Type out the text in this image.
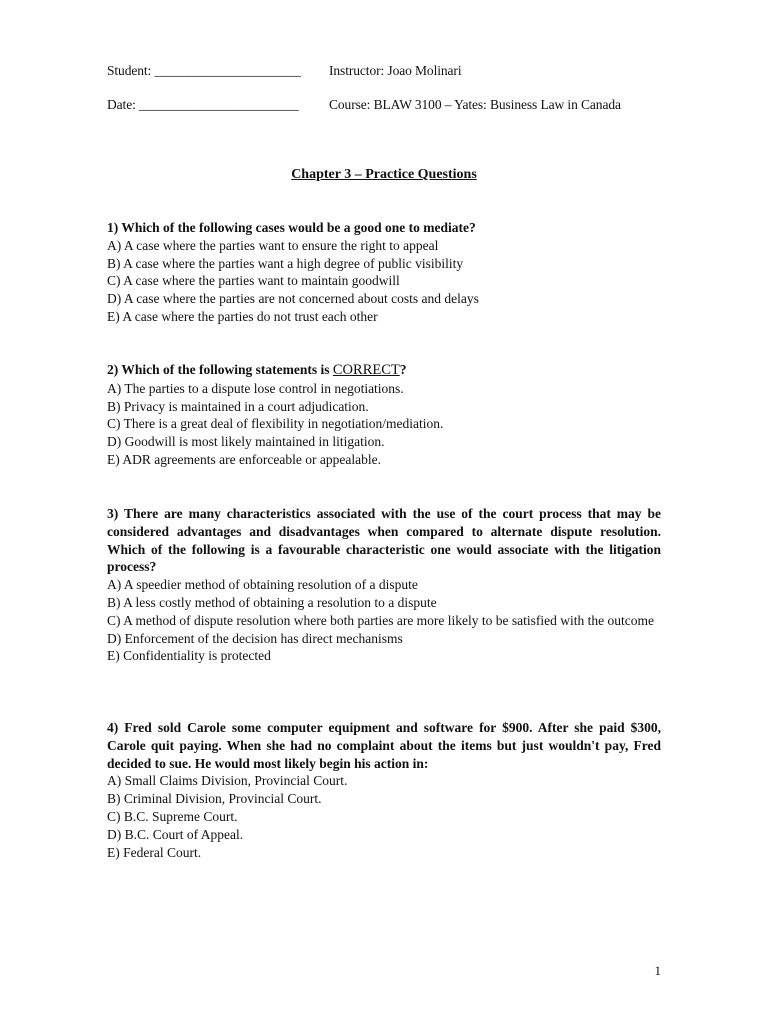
Student: ______________________ Instructor: Joao Molinari
Date: ________________________ Course: BLAW 3100 – Yates: Business Law in Canada
Chapter 3 – Practice Questions
1) Which of the following cases would be a good one to mediate?
A) A case where the parties want to ensure the right to appeal
B) A case where the parties want a high degree of public visibility
C) A case where the parties want to maintain goodwill
D) A case where the parties are not concerned about costs and delays
E) A case where the parties do not trust each other
2) Which of the following statements is CORRECT?
A) The parties to a dispute lose control in negotiations.
B) Privacy is maintained in a court adjudication.
C) There is a great deal of flexibility in negotiation/mediation.
D) Goodwill is most likely maintained in litigation.
E) ADR agreements are enforceable or appealable.
3) There are many characteristics associated with the use of the court process that may be considered advantages and disadvantages when compared to alternate dispute resolution. Which of the following is a favourable characteristic one would associate with the litigation process?
A) A speedier method of obtaining resolution of a dispute
B) A less costly method of obtaining a resolution to a dispute
C) A method of dispute resolution where both parties are more likely to be satisfied with the outcome
D) Enforcement of the decision has direct mechanisms
E) Confidentiality is protected
4) Fred sold Carole some computer equipment and software for $900. After she paid $300, Carole quit paying. When she had no complaint about the items but just wouldn't pay, Fred decided to sue. He would most likely begin his action in:
A) Small Claims Division, Provincial Court.
B) Criminal Division, Provincial Court.
C) B.C. Supreme Court.
D) B.C. Court of Appeal.
E) Federal Court.
1
